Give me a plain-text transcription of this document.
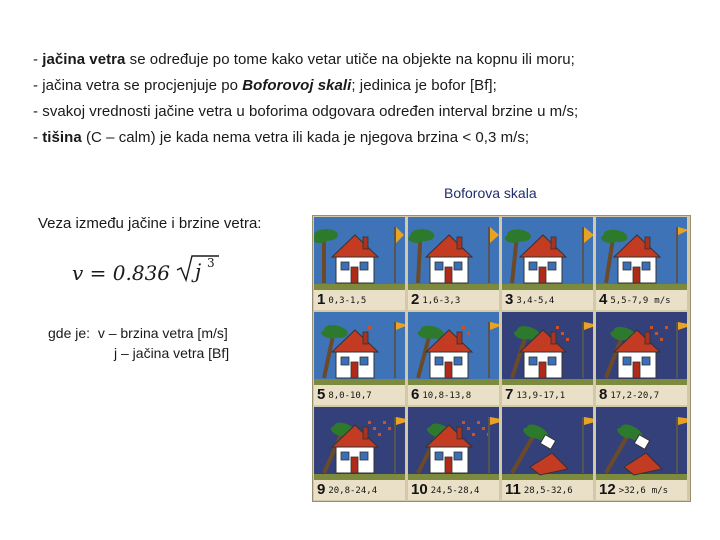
- jačina vetra se određuje po tome kako vetar utiče na objekte na kopnu ili moru;
- jačina vetra se procjenjuje po Boforovoj skali; jedinica je bofor [Bf];
- svakoj vrednosti jačine vetra u boforima odgovara određen interval brzine u m/s;
- tišina (C – calm) je kada nema vetra ili kada je njegova brzina < 0,3 m/s;
Boforova skala
Veza između jačine i brzine vetra:
v = 0.836 j 3
gde je: v – brzina vetra [m/s]
j – jačina vetra [Bf]
1 0,3-1,5	2 1,6-3,3	3 3,4-5,4	4 5,5-7,9 m/s
5 8,0-10,7	6 10,8-13,8	7 13,9-17,1	8 17,2-20,7
9 20,8-24,4	10 24,5-28,4	11 28,5-32,6	12 >32,6 m/s
